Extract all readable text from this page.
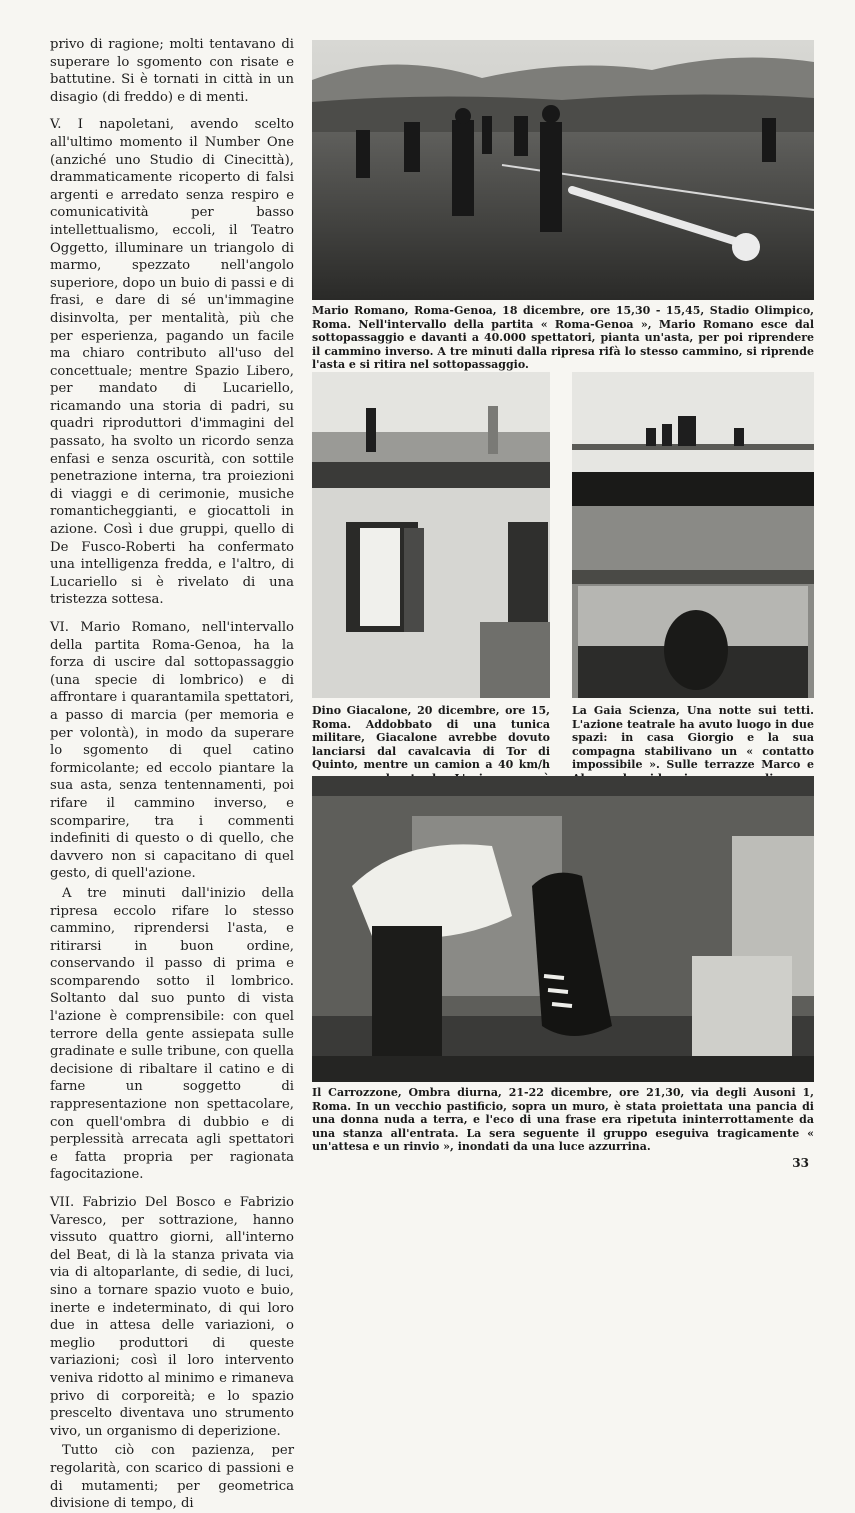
privo di ragione; molti tentavano di superare lo sgomento con risate e battutine. Si è tornati in città in un disagio (di freddo) e di menti.

V. I napoletani, avendo scelto all'ultimo momento il Number One (anziché uno Studio di Cinecittà), drammaticamente ricoperto di falsi argenti e arredato senza respiro e comunicatività per basso intellettualismo, eccoli, il Teatro Oggetto, illuminare un triangolo di marmo, spezzato nell'angolo superiore, dopo un buio di passi e di frasi, e dare di sé un'immagine disinvolta, per mentalità, più che per esperienza, pagando un facile ma chiaro contributo all'uso del concettuale; mentre Spazio Libero, per mandato di Lucariello, ricamando una storia di padri, su quadri riproduttori d'immagini del passato, ha svolto un ricordo senza enfasi e senza oscurità, con sottile penetrazione interna, tra proiezioni di viaggi e di cerimonie, musiche romanticheggianti, e giocattoli in azione. Così i due gruppi, quello di De Fusco-Roberti ha confermato una intelligenza fredda, e l'altro, di Lucariello si è rivelato di una tristezza sottesa.

VI. Mario Romano, nell'intervallo della partita Roma-Genoa, ha la forza di uscire dal sottopassaggio (una specie di lombrico) e di affrontare i quarantamila spettatori, a passo di marcia (per memoria e per volontà), in modo da superare lo sgomento di quel catino formicolante; ed eccolo piantare la sua asta, senza tentennamenti, poi rifare il cammino inverso, e scomparire, tra i commenti indefiniti di questo o di quello, che davvero non si capacitano di quel gesto, di quell'azione.

A tre minuti dall'inizio della ripresa eccolo rifare lo stesso cammino, riprendersi l'asta, e ritirarsi in buon ordine, conservando il passo di prima e scomparendo sotto il lombrico. Soltanto dal suo punto di vista l'azione è comprensibile: con quel terrore della gente assiepata sulle gradinate e sulle tribune, con quella decisione di ribaltare il catino e di farne un soggetto di rappresentazione non spettacolare, con quell'ombra di dubbio e di perplessità arrecata agli spettatori e fatta propria per ragionata fagocitazione.

VII. Fabrizio Del Bosco e Fabrizio Varesco, per sottrazione, hanno vissuto quattro giorni, all'interno del Beat, di là la stanza privata via via di altoparlante, di sedie, di luci, sino a tornare spazio vuoto e buio, inerte e indeterminato, di qui loro due in attesa delle variazioni, o meglio produttori di queste variazioni; così il loro intervento veniva ridotto al minimo e rimaneva privo di corporeità; e lo spazio prescelto diventava uno strumento vivo, un organismo di deperizione.

Tutto ciò con pazienza, per regolarità, con scarico di passioni e di mutamenti; per geometrica divisione di tempo, di

Mario Romano, Roma-Genoa, 18 dicembre, ore 15,30 - 15,45, Stadio Olimpico, Roma. Nell'intervallo della partita « Roma-Genoa », Mario Romano esce dal sottopassaggio e davanti a 40.000 spettatori, pianta un'asta, per poi riprendere il cammino inverso. A tre minuti dalla ripresa rifà lo stesso cammino, si riprende l'asta e si ritira nel sottopassaggio.
Dino Giacalone, 20 dicembre, ore 15, Roma. Addobbato di una tunica militare, Giacalone avrebbe dovuto lanciarsi dal cavalcavia di Tor di Quinto, mentre un camion a 40 km/h
La Gaia Scienza, Una notte sui tetti. L'azione teatrale ha avuto luogo in due spazi: in casa Giorgio e la sua compagna stabilivano un « contatto impossibile ». Sulle terrazze Marco e
Il Carrozzone, Ombra diurna, 21-22 dicembre, ore 21,30, via degli Ausoni 1, Roma. In un vecchio pastificio, sopra un muro, è stata proiettata una pancia di una donna nuda a terra, e l'eco di una frase era ripetuta ininterrottamente da una stanza all'entrata. La sera seguente il gruppo eseguiva tragicamente « un'attesa e un rinvio », inondati da una luce azzurrina.
33
